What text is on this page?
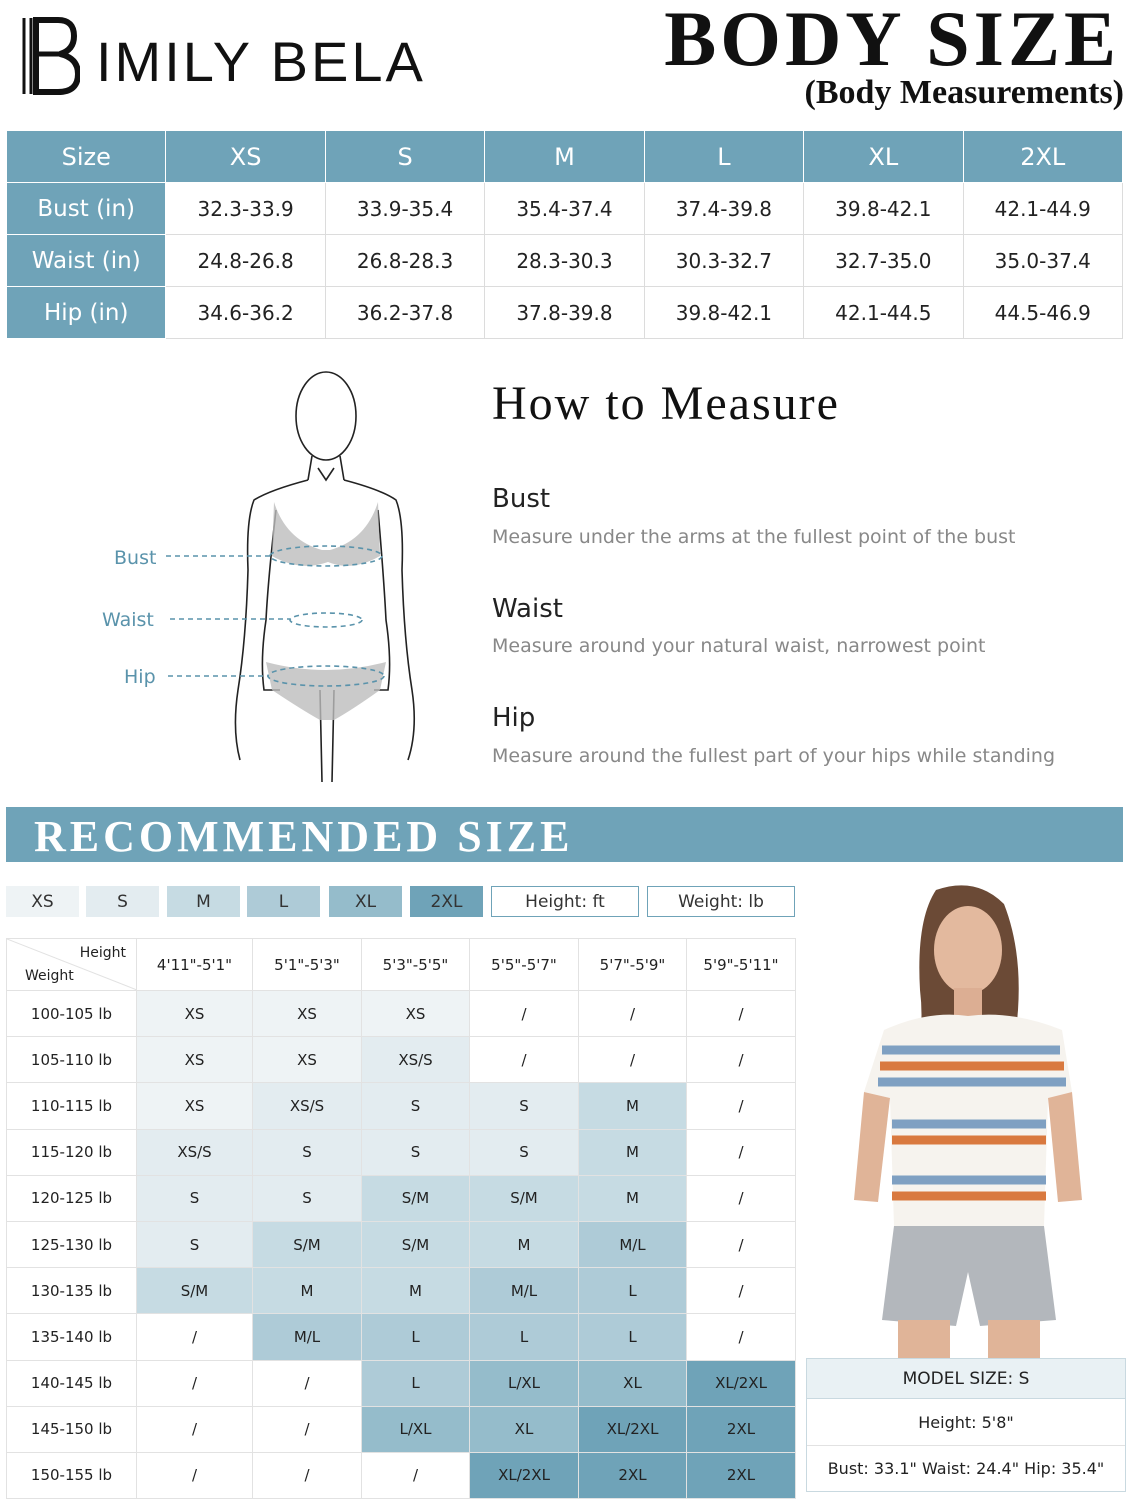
IMILY BELA	BODY SIZE
(Body Measurements)
Size	XS	S	M	L	XL	2XL
Bust (in)	32.3-33.9	33.9-35.4	35.4-37.4	37.4-39.8	39.8-42.1	42.1-44.9
Waist (in)	24.8-26.8	26.8-28.3	28.3-30.3	30.3-32.7	32.7-35.0	35.0-37.4
Hip (in)	34.6-36.2	36.2-37.8	37.8-39.8	39.8-42.1	42.1-44.5	44.5-46.9
Bust
Waist
Hip
How to Measure
Bust
Measure under the arms at the fullest point of the bust
Waist
Measure around your natural waist, narrowest point
Hip
Measure around the fullest part of your hips while standing
RECOMMENDED SIZE
XS	S	M	L	XL	2XL	Height: ft	Weight: lb
Height
Weight	4'11"-5'1"	5'1"-5'3"	5'3"-5'5"	5'5"-5'7"	5'7"-5'9"	5'9"-5'11"
100-105 lb	XS	XS	XS	/	/	/
105-110 lb	XS	XS	XS/S	/	/	/
110-115 lb	XS	XS/S	S	S	M	/
115-120 lb	XS/S	S	S	S	M	/
120-125 lb	S	S	S/M	S/M	M	/
125-130 lb	S	S/M	S/M	M	M/L	/
130-135 lb	S/M	M	M	M/L	L	/
135-140 lb	/	M/L	L	L	L	/
140-145 lb	/	/	L	L/XL	XL	XL/2XL
145-150 lb	/	/	L/XL	XL	XL/2XL	2XL
150-155 lb	/	/	/	XL/2XL	2XL	2XL
MODEL SIZE: S
Height: 5'8"
Bust: 33.1" Waist: 24.4" Hip: 35.4"
